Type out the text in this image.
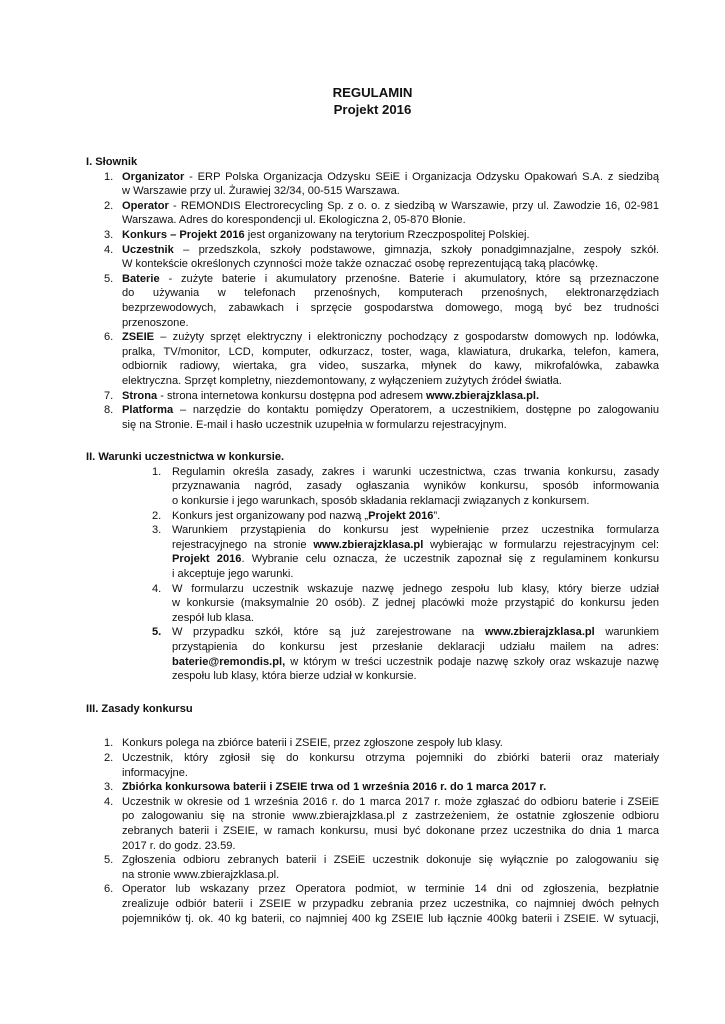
REGULAMIN
Projekt 2016
I. Słownik
1. Organizator - ERP Polska Organizacja Odzysku SEiE i Organizacja Odzysku Opakowań S.A. z siedzibą
w Warszawie przy ul. Żurawiej 32/34, 00-515 Warszawa.
2. Operator - REMONDIS Electrorecycling Sp. z o. o. z siedzibą w Warszawie, przy ul. Zawodzie 16, 02-981
Warszawa. Adres do korespondencji ul. Ekologiczna 2, 05-870 Błonie.
3. Konkurs – Projekt 2016 jest organizowany na terytorium Rzeczpospolitej Polskiej.
4. Uczestnik – przedszkola, szkoły podstawowe, gimnazja, szkoły ponadgimnazjalne, zespoły szkół.
W kontekście określonych czynności może także oznaczać osobę reprezentującą taką placówkę.
5. Baterie - zużyte baterie i akumulatory przenośne. Baterie i akumulatory, które są przeznaczone
do używania w telefonach przenośnych, komputerach przenośnych, elektronarzędziach
bezprzewodowych, zabawkach i sprzęcie gospodarstwa domowego, mogą być bez trudności
przenoszone.
6. ZSEIE – zużyty sprzęt elektryczny i elektroniczny pochodzący z gospodarstw domowych np. lodówka,
pralka, TV/monitor, LCD, komputer, odkurzacz, toster, waga, klawiatura, drukarka, telefon, kamera,
odbiornik radiowy, wiertaka, gra video, suszarka, młynek do kawy, mikrofalówka, zabawka
elektryczna. Sprzęt kompletny, niezdemontowany, z wyłączeniem zużytych źródeł światła.
7. Strona - strona internetowa konkursu dostępna pod adresem www.zbierajzklasa.pl.
8. Platforma – narzędzie do kontaktu pomiędzy Operatorem, a uczestnikiem, dostępne po zalogowaniu
się na Stronie. E-mail i hasło uczestnik uzupełnia w formularzu rejestracyjnym.
II. Warunki uczestnictwa w konkursie.
1. Regulamin określa zasady, zakres i warunki uczestnictwa, czas trwania konkursu, zasady
przyznawania nagród, zasady ogłaszania wyników konkursu, sposób informowania
o konkursie i jego warunkach, sposób składania reklamacji związanych z konkursem.
2. Konkurs jest organizowany pod nazwą „Projekt 2016”.
3. Warunkiem przystąpienia do konkursu jest wypełnienie przez uczestnika formularza
rejestracyjnego na stronie www.zbierajzklasa.pl wybierając w formularzu rejestracyjnym cel:
Projekt 2016. Wybranie celu oznacza, że uczestnik zapoznał się z regulaminem konkursu
i akceptuje jego warunki.
4. W formularzu uczestnik wskazuje nazwę jednego zespołu lub klasy, który bierze udział
w konkursie (maksymalnie 20 osób). Z jednej placówki może przystąpić do konkursu jeden
zespół lub klasa.
5. W przypadku szkół, które są już zarejestrowane na www.zbierajzklasa.pl warunkiem
przystąpienia do konkursu jest przesłanie deklaracji udziału mailem na adres:
baterie@remondis.pl, w którym w treści uczestnik podaje nazwę szkoły oraz wskazuje nazwę
zespołu lub klasy, która bierze udział w konkursie.
III. Zasady konkursu
1. Konkurs polega na zbiórce baterii i ZSEIE, przez zgłoszone zespoły lub klasy.
2. Uczestnik, który zgłosił się do konkursu otrzyma pojemniki do zbiórki baterii oraz materiały
informacyjne.
3. Zbiórka konkursowa baterii i ZSEIE trwa od 1 września 2016 r. do 1 marca 2017 r.
4. Uczestnik w okresie od 1 września 2016 r. do 1 marca 2017 r. może zgłaszać do odbioru baterie i ZSEiE
po zalogowaniu się na stronie www.zbierajzklasa.pl z zastrzeżeniem, że ostatnie zgłoszenie odbioru
zebranych baterii i ZSEIE, w ramach konkursu, musi być dokonane przez uczestnika do dnia 1 marca
2017 r. do godz. 23.59.
5. Zgłoszenia odbioru zebranych baterii i ZSEiE uczestnik dokonuje się wyłącznie po zalogowaniu się
na stronie www.zbierajzklasa.pl.
6. Operator lub wskazany przez Operatora podmiot, w terminie 14 dni od zgłoszenia, bezpłatnie
zrealizuje odbiór baterii i ZSEIE w przypadku zebrania przez uczestnika, co najmniej dwóch pełnych
pojemników tj. ok. 40 kg baterii, co najmniej 400 kg ZSEIE lub łącznie 400kg baterii i ZSEIE. W sytuacji,
